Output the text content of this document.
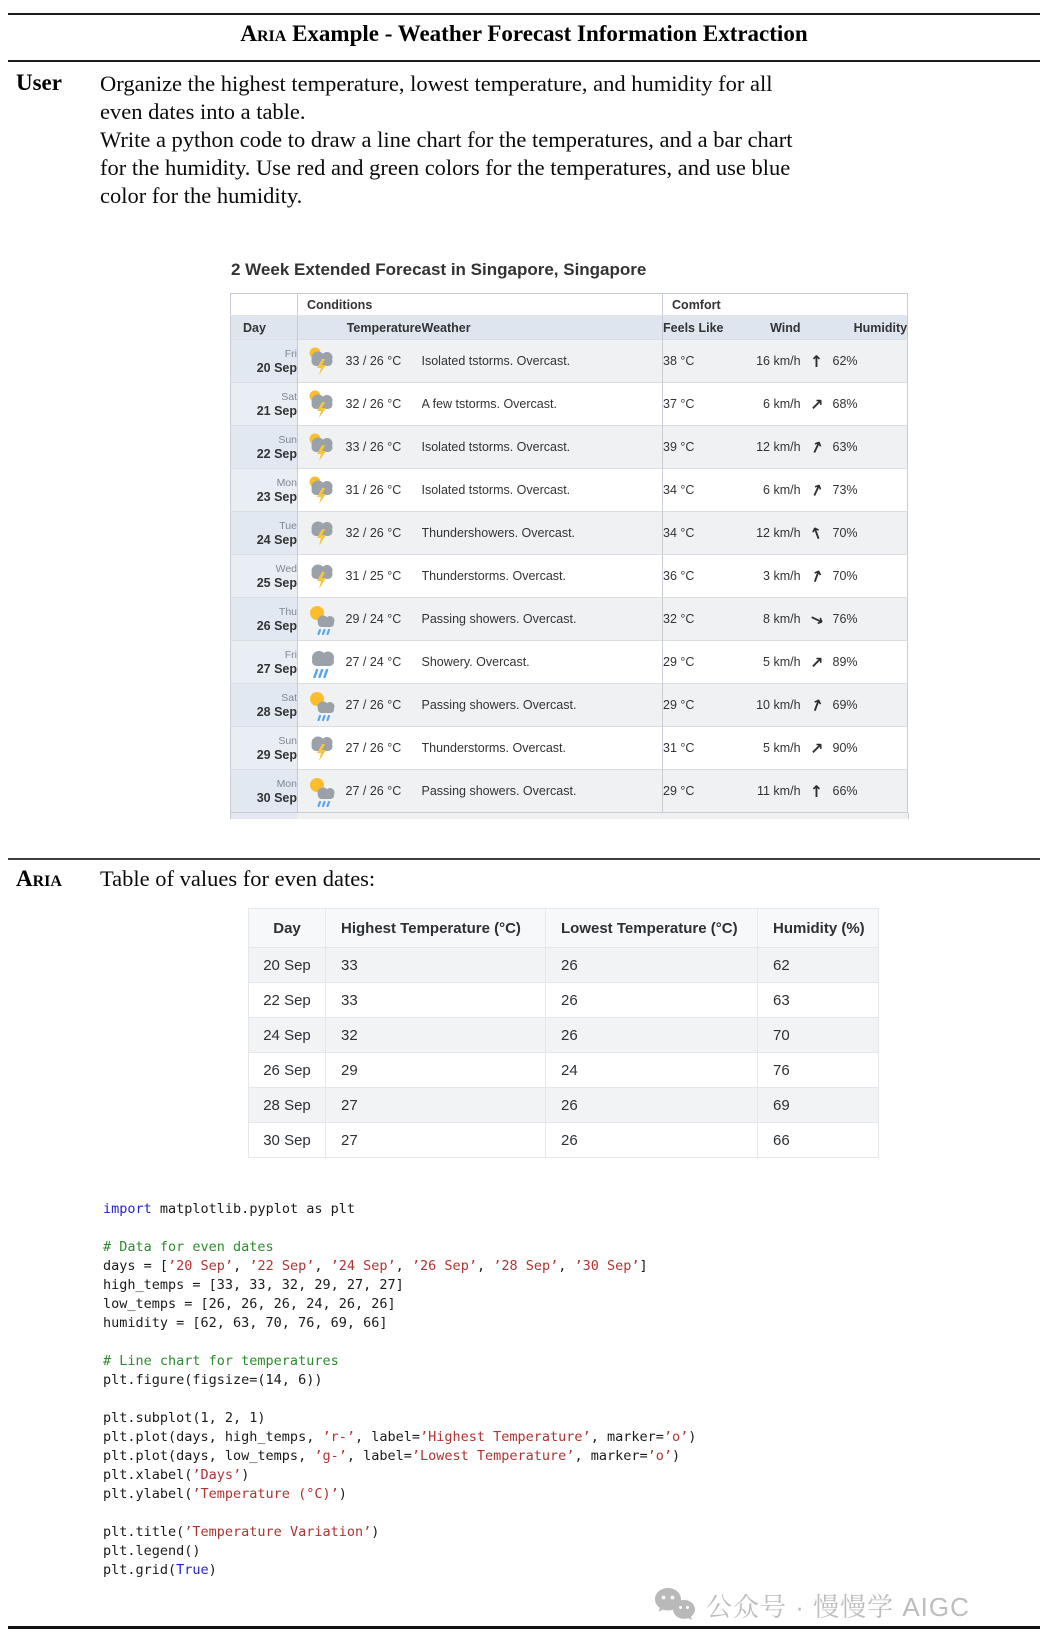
Aria Example - Weather Forecast Information Extraction
User Organize the highest temperature, lowest temperature, and humidity for all
even dates into a table.
Write a python code to draw a line chart for the temperatures, and a bar chart
for the humidity. Use red and green colors for the temperatures, and use blue
color for the humidity.
2 Week Extended Forecast in Singapore, Singapore
	Conditions			Comfort			
Day	Temperature		Weather	Feels Like	Wind		Humidity

Fri
20 Sep		33 / 26 °C	Isolated tstorms. Overcast.	38 °C	16 km/h	↑	62%

Sat
21 Sep		32 / 26 °C	A few tstorms. Overcast.	37 °C	6 km/h	↑	68%

Sun
22 Sep		33 / 26 °C	Isolated tstorms. Overcast.	39 °C	12 km/h	↑	63%

Mon
23 Sep		31 / 26 °C	Isolated tstorms. Overcast.	34 °C	6 km/h	↑	73%

Tue
24 Sep		32 / 26 °C	Thundershowers. Overcast.	34 °C	12 km/h	↑	70%

Wed
25 Sep		31 / 25 °C	Thunderstorms. Overcast.	36 °C	3 km/h	↑	70%

Thu
26 Sep		29 / 24 °C	Passing showers. Overcast.	32 °C	8 km/h	↑	76%

Fri
27 Sep		27 / 24 °C	Showery. Overcast.	29 °C	5 km/h	↑	89%

Sat
28 Sep		27 / 26 °C	Passing showers. Overcast.	29 °C	10 km/h	↑	69%

Sun
29 Sep		27 / 26 °C	Thunderstorms. Overcast.	31 °C	5 km/h	↑	90%

Mon
30 Sep		27 / 26 °C	Passing showers. Overcast.	29 °C	11 km/h	↑	66%
Aria Table of values for even dates:
Day	Highest Temperature (°C)	Lowest Temperature (°C)	Humidity (%)
20 Sep	33	26	62
22 Sep	33	26	63
24 Sep	32	26	70
26 Sep	29	24	76
28 Sep	27	26	69
30 Sep	27	26	66
import matplotlib.pyplot as plt

# Data for even dates
days = [’20 Sep’, ’22 Sep’, ’24 Sep’, ’26 Sep’, ’28 Sep’, ’30 Sep’]
high_temps = [33, 33, 32, 29, 27, 27]
low_temps = [26, 26, 26, 24, 26, 26]
humidity = [62, 63, 70, 76, 69, 66]

# Line chart for temperatures
plt.figure(figsize=(14, 6))

plt.subplot(1, 2, 1)
plt.plot(days, high_temps, ’r-’, label=’Highest Temperature’, marker=’o’)
plt.plot(days, low_temps, ’g-’, label=’Lowest Temperature’, marker=’o’)
plt.xlabel(’Days’)
plt.ylabel(’Temperature (°C)’)

plt.title(’Temperature Variation’)
plt.legend()
plt.grid(True)
公众号 · 慢慢学 AIGC
